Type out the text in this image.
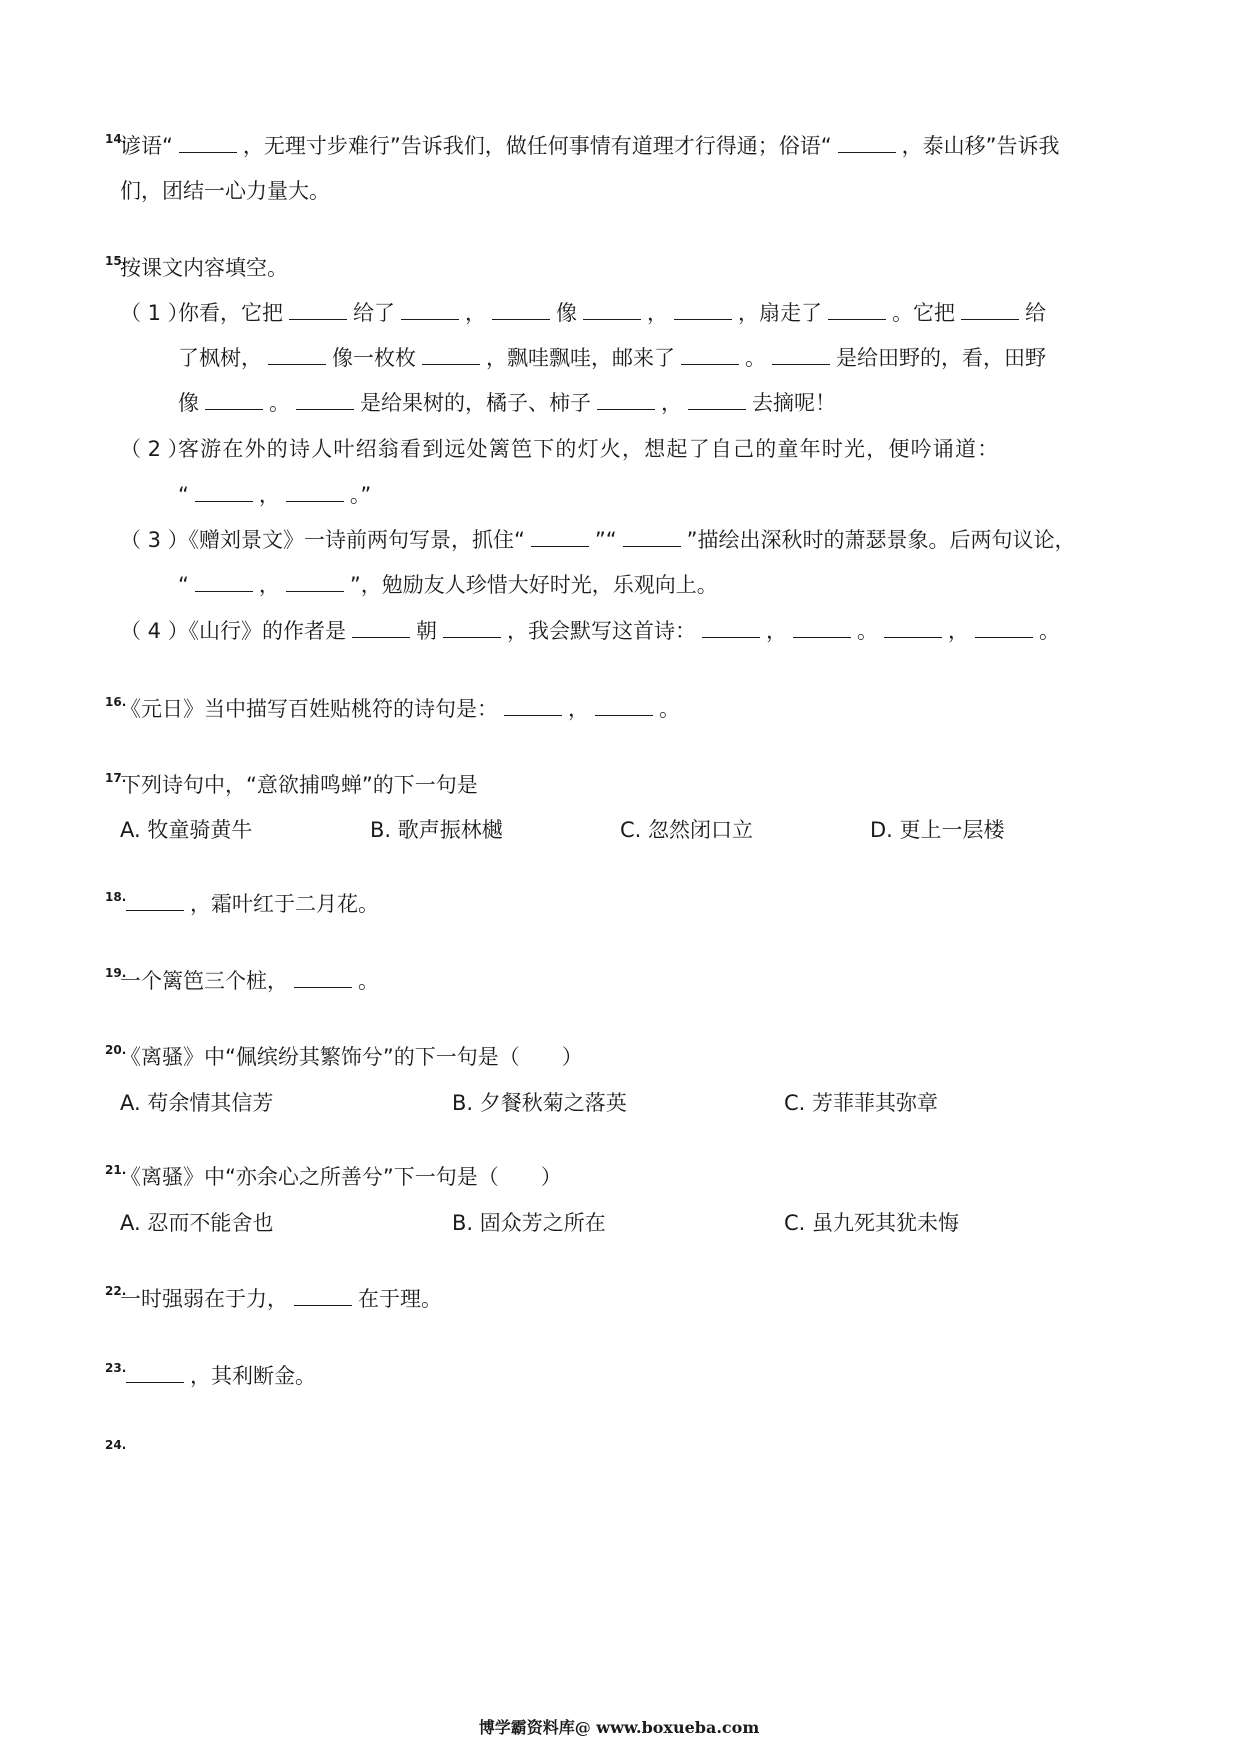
14.
谚语“	，无理寸步难行”告诉我们，做任何事情有道理才行得通；俗语“	，泰山移”告诉我
们，团结一心力量大。
15.
按课文内容填空。
（ 1 ）你看，它把	给了	，	像	，	，扇走了	。它把	给
了枫树，	像一枚枚	，飘哇飘哇，邮来了	。	是给田野的，看，田野
像	。	是给果树的，橘子、柿子	，	去摘呢！
（ 2 ）客游在外的诗人叶绍翁看到远处篱笆下的灯火，想起了自己的童年时光，便吟诵道：
“	，	。”
（ 3 ）《赠刘景文》一诗前两句写景，抓住“	”“	”描绘出深秋时的萧瑟景象。后两句议论，
“	，	”，勉励友人珍惜大好时光，乐观向上。
（ 4 ）《山行》的作者是	朝	，我会默写这首诗：	，	。	，	。
16.
《元日》当中描写百姓贴桃符的诗句是：	，	。
17.
下列诗句中，“意欲捕鸣蝉”的下一句是
A. 牧童骑黄牛	B. 歌声振林樾	C. 忽然闭口立	D. 更上一层楼
18.	，霜叶红于二月花。
19.
一个篱笆三个桩，	。
20.
《离骚》中“佩缤纷其繁饰兮”的下一句是（　　）
A. 苟余情其信芳	B. 夕餐秋菊之落英	C. 芳菲菲其弥章
21.
《离骚》中“亦余心之所善兮”下一句是（　　）
A. 忍而不能舍也	B. 固众芳之所在	C. 虽九死其犹未悔
22.
一时强弱在于力，	在于理。
23.	，其利断金。
24.
博学霸资料库@ www.boxueba.com
